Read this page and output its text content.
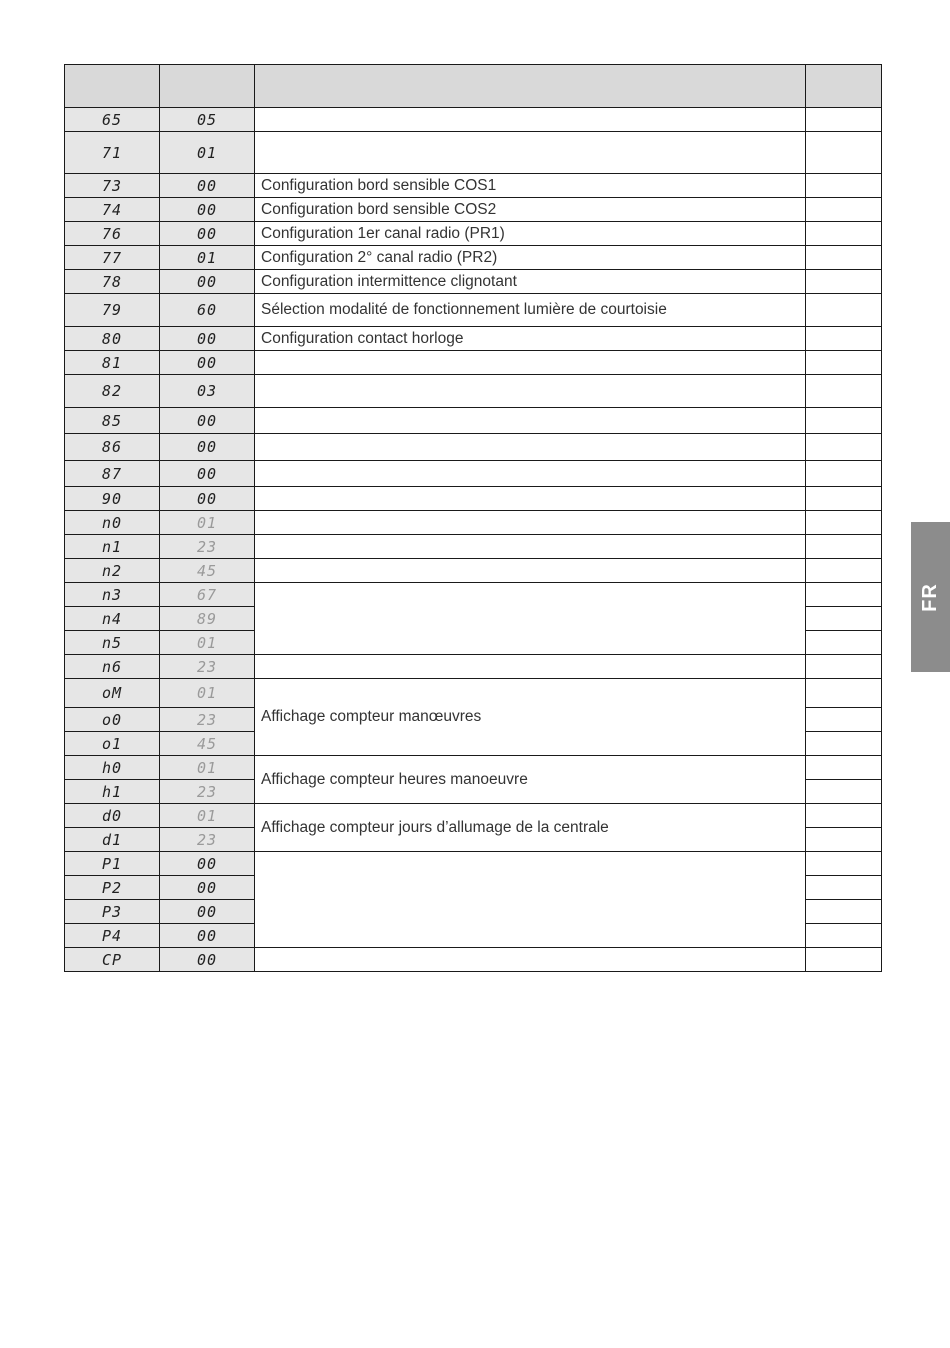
65	05		
71	01		
73	00	Configuration bord sensible COS1	
74	00	Configuration bord sensible COS2	
76	00	Configuration 1er canal radio (PR1)	
77	01	Configuration 2° canal radio (PR2)	
78	00	Configuration intermittence clignotant	
79	60	Sélection modalité de fonctionnement lumière de courtoisie	
80	00	Configuration contact horloge	
81	00		
82	03		
85	00		
86	00		
87	00		
90	00		
n0	01		
n1	23		
n2	45		
n3	67		
n4	89		
n5	01		
n6	23		
oM	01	Affichage compteur manœuvres	
o0	23		
o1	45		
h0	01	Affichage compteur heures manoeuvre	
h1	23		
d0	01	Affichage compteur jours d’allumage de la centrale	
d1	23		
P1	00		
P2	00		
P3	00		
P4	00		
CP	00		
FR
